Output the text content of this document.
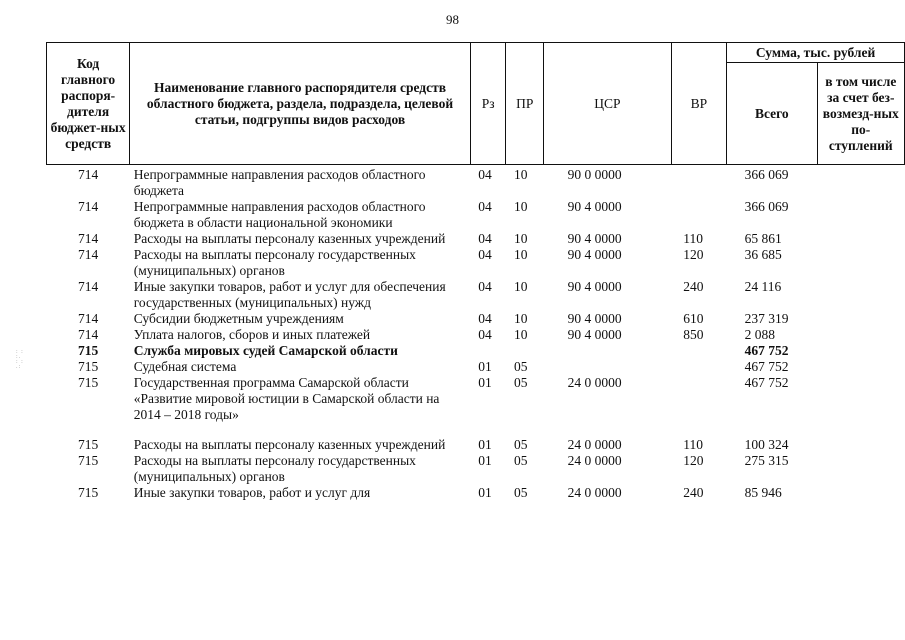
98
Код главного распоря-дителя бюджет-ных средств	Наименование главного распорядителя средств областного бюджета, раздела, подраздела, целевой статьи, подгруппы видов расходов	Рз	ПР	ЦСР	ВР	Сумма, тыс. рублей	
						Всего	в том числе за счет без-возмезд-ных по-ступлений
714	Непрограммные направления расходов областного бюджета	04	10	90 0 0000		366 069	
714	Непрограммные направления расходов областного бюджета в области национальной экономики	04	10	90 4 0000		366 069	
714	Расходы на выплаты персоналу казенных учреждений	04	10	90 4 0000	110	65 861	
714	Расходы на выплаты персоналу государственных (муниципальных) органов	04	10	90 4 0000	120	36 685	
714	Иные закупки товаров, работ и услуг для обеспечения государственных (муниципальных) нужд	04	10	90 4 0000	240	24 116	
714	Субсидии бюджетным учреждениям	04	10	90 4 0000	610	237 319	
714	Уплата налогов, сборов и иных платежей	04	10	90 4 0000	850	2 088	
715	Служба мировых судей Самарской области					467 752	
715	Судебная система	01	05			467 752	
715	Государственная программа Самарской области «Развитие мировой юстиции в Самарской области на 2014 – 2018 годы»	01	05	24 0 0000		467 752	
715	Расходы на выплаты персоналу казенных учреждений	01	05	24 0 0000	110	100 324	
715	Расходы на выплаты персоналу государственных (муниципальных) органов	01	05	24 0 0000	120	275 315	
715	Иные закупки товаров, работ и услуг для	01	05	24 0 0000	240	85 946	
: :
:.
: :
.:
